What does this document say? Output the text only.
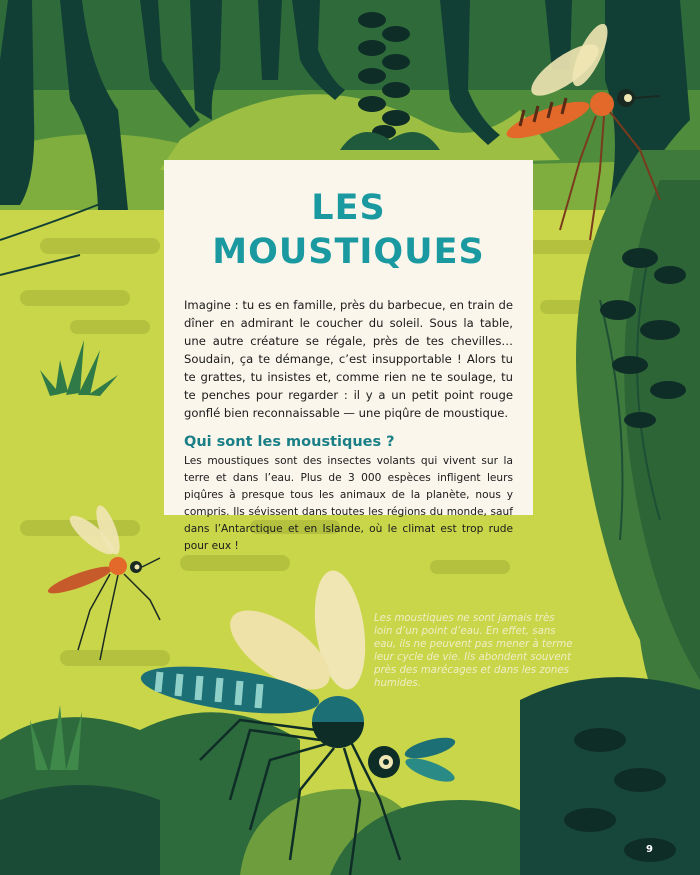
LES MOUSTIQUES

Imagine : tu es en famille, près du barbecue, en train de dîner en admirant le coucher du soleil. Sous la table, une autre créature se régale, près de tes chevilles… Soudain, ça te démange, c’est insupportable ! Alors tu te grattes, tu insistes et, comme rien ne te soulage, tu te penches pour regarder : il y a un petit point rouge gonflé bien reconnaissable — une piqûre de moustique.

Qui sont les moustiques ?

Les moustiques sont des insectes volants qui vivent sur la terre et dans l’eau. Plus de 3 000 espèces infligent leurs piqûres à presque tous les animaux de la planète, nous y compris. Ils sévissent dans toutes les régions du monde, sauf dans l’Antarctique et en Islande, où le climat est trop rude pour eux !

Les moustiques ne sont jamais très loin d’un point d’eau. En effet, sans eau, ils ne peuvent pas mener à terme leur cycle de vie. Ils abondent souvent près des marécages et dans les zones humides.

9
